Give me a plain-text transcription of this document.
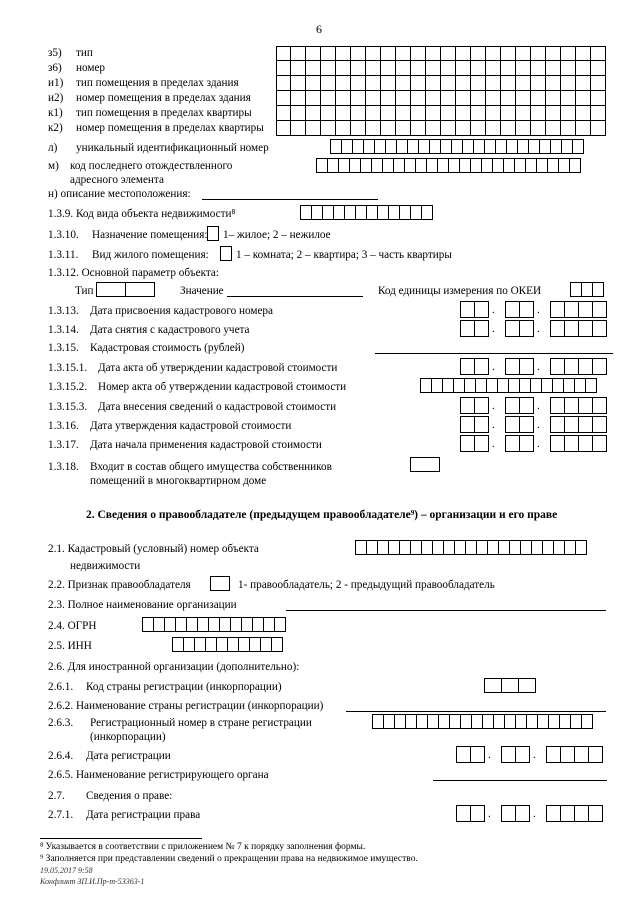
6
з5) тип
з6) номер
и1) тип помещения в пределах здания
и2) номер помещения в пределах здания
к1) тип помещения в пределах квартиры
к2) номер помещения в пределах квартиры
л) уникальный идентификационный номер
м) код последнего отождествленного
адресного элемента
н) описание местоположения:
1.3.9. Код вида объекта недвижимости⁸
1.3.10. Назначение помещения: 1– жилое; 2 – нежилое
1.3.11. Вид жилого помещения: 1 – комната; 2 – квартира; 3 – часть квартиры
1.3.12. Основной параметр объекта:
Тип	Значение	Код единицы измерения по ОКЕИ
1.3.13. Дата присвоения кадастрового номера	.	.
1.3.14. Дата снятия с кадастрового учета	.	.
1.3.15. Кадастровая стоимость (рублей)
1.3.15.1. Дата акта об утверждении кадастровой стоимости	.	.
1.3.15.2. Номер акта об утверждении кадастровой стоимости
1.3.15.3. Дата внесения сведений о кадастровой стоимости	.	.
1.3.16. Дата утверждения кадастровой стоимости	.	.
1.3.17. Дата начала применения кадастровой стоимости	.	.
1.3.18. Входит в состав общего имущества собственников
помещений в многоквартирном доме
2. Сведения о правообладателе (предыдущем правообладателе⁹) – организации и его праве
2.1. Кадастровый (условный) номер объекта
недвижимости
2.2. Признак правообладателя	1- правообладатель; 2 - предыдущий правообладатель
2.3. Полное наименование организации
2.4. ОГРН
2.5. ИНН
2.6. Для иностранной организации (дополнительно):
2.6.1. Код страны регистрации (инкорпорации)
2.6.2. Наименование страны регистрации (инкорпорации)
2.6.3. Регистрационный номер в стране регистрации
(инкорпорации)
2.6.4. Дата регистрации	.	.
2.6.5. Наименование регистрирующего органа
2.7. Сведения о праве:
2.7.1. Дата регистрации права	.	.
⁸ Указывается в соответствии с приложением № 7 к порядку заполнения формы.
⁹ Заполняется при представлении сведений о прекращении права на недвижимое имущество.
19.05.2017 9:58
Конфликт ЗП.И.Пр-т-53363-1
